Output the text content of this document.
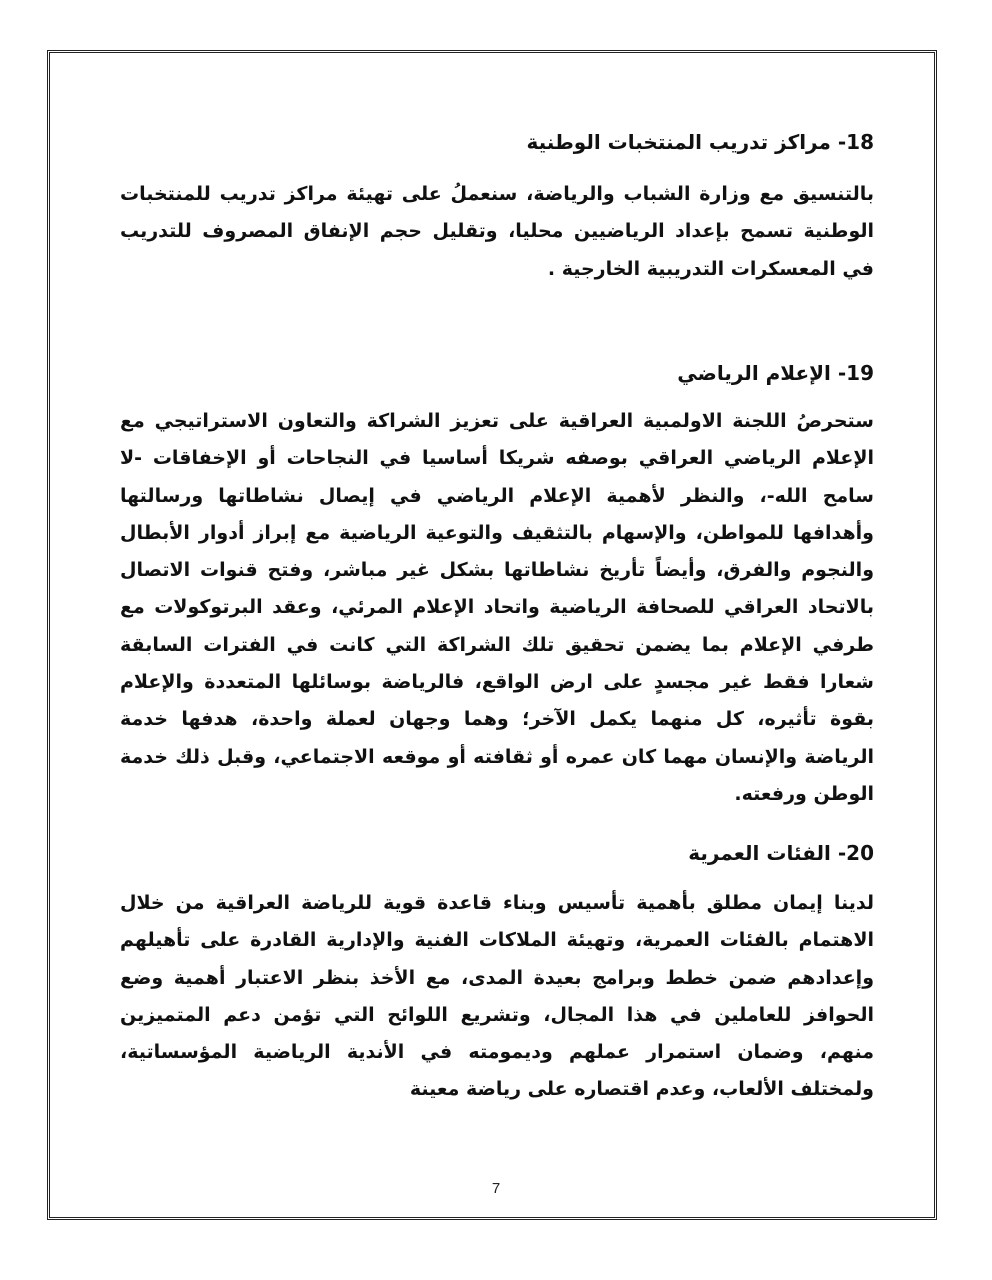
18- مراكز تدريب المنتخبات الوطنية

بالتنسيق مع وزارة الشباب والرياضة، سنعملُ على تهيئة مراكز تدريب للمنتخبات الوطنية تسمح بإعداد الرياضيين محليا، وتقليل حجم الإنفاق المصروف للتدريب في المعسكرات التدريبية الخارجية .

19- الإعلام الرياضي

ستحرصُ اللجنة الاولمبية العراقية على تعزيز الشراكة والتعاون الاستراتيجي مع الإعلام الرياضي العراقي بوصفه شريكا أساسيا في النجاحات أو الإخفاقات -لا سامح الله-، والنظر لأهمية الإعلام الرياضي في إيصال نشاطاتها ورسالتها وأهدافها للمواطن، والإسهام بالتثقيف والتوعية الرياضية مع إبراز أدوار الأبطال والنجوم والفرق، وأيضاً تأريخ نشاطاتها بشكل غير مباشر، وفتح قنوات الاتصال بالاتحاد العراقي للصحافة الرياضية واتحاد الإعلام المرئي، وعقد البرتوكولات مع طرفي الإعلام بما يضمن تحقيق تلك الشراكة التي كانت في الفترات السابقة شعارا فقط غير مجسدٍ على ارض الواقع، فالرياضة بوسائلها المتعددة والإعلام بقوة تأثيره، كل منهما يكمل الآخر؛ وهما وجهان لعملة واحدة، هدفها خدمة الرياضة والإنسان مهما كان عمره أو ثقافته أو موقعه الاجتماعي، وقبل ذلك خدمة الوطن ورفعته.

20- الفئات العمرية

لدينا إيمان مطلق بأهمية تأسيس وبناء قاعدة قوية للرياضة العراقية من خلال الاهتمام بالفئات العمرية، وتهيئة الملاكات الفنية والإدارية القادرة على تأهيلهم وإعدادهم ضمن خطط وبرامج بعيدة المدى، مع الأخذ بنظر الاعتبار أهمية وضع الحوافز للعاملين في هذا المجال، وتشريع اللوائح التي تؤمن دعم المتميزين منهم، وضمان استمرار عملهم وديمومته في الأندية الرياضية المؤسساتية، ولمختلف الألعاب، وعدم اقتصاره على رياضة معينة

7
